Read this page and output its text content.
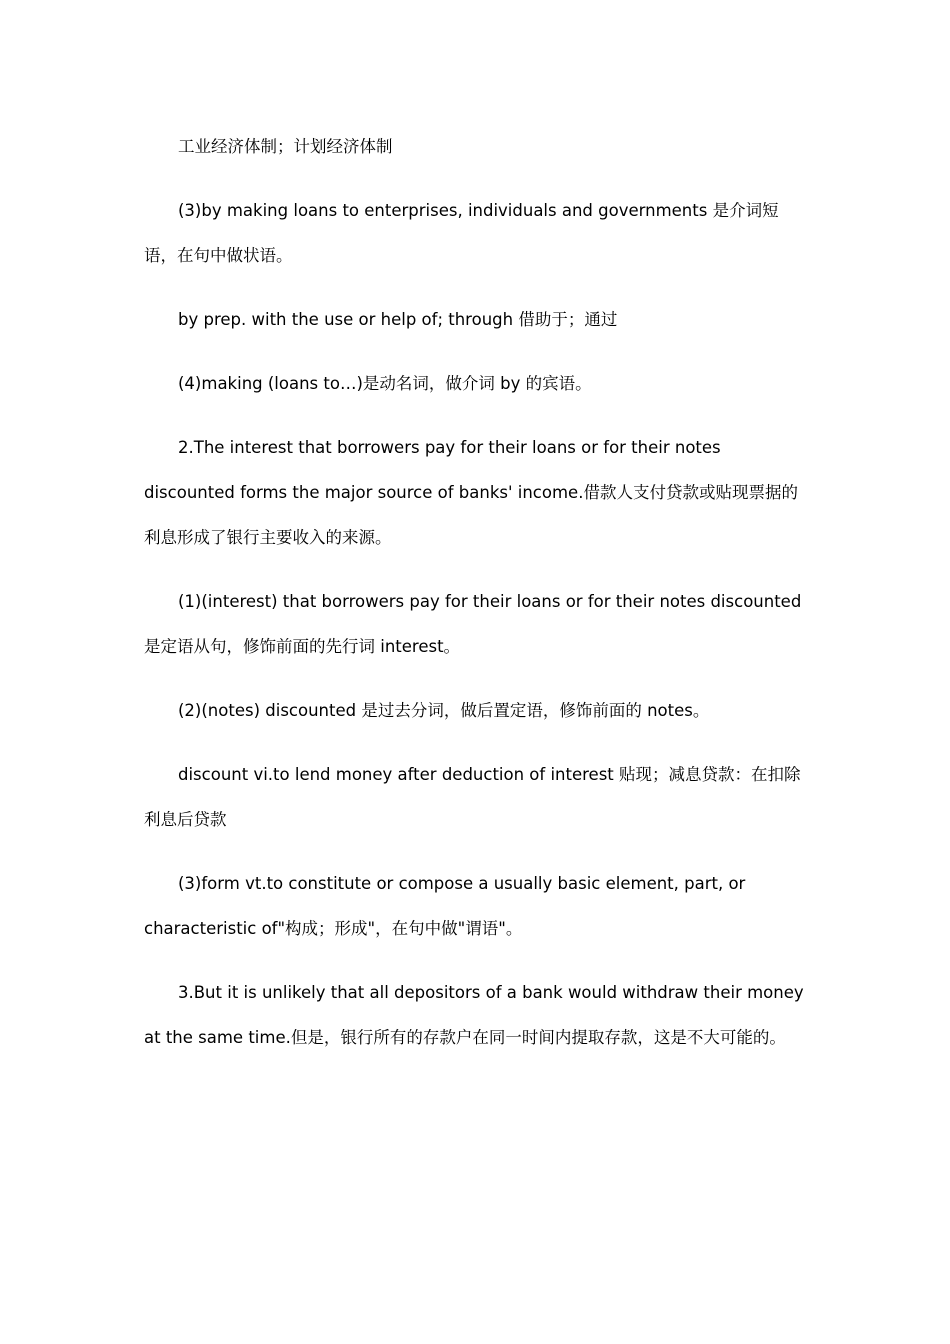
工业经济体制；计划经济体制

(3)by making loans to enterprises, individuals and governments 是介词短语，在句中做状语。

by prep. with the use or help of; through 借助于；通过

(4)making (loans to…)是动名词，做介词 by 的宾语。

2.The interest that borrowers pay for their loans or for their notes discounted forms the major source of banks' income.借款人支付贷款或贴现票据的利息形成了银行主要收入的来源。

(1)(interest) that borrowers pay for their loans or for their notes discounted 是定语从句，修饰前面的先行词 interest。

(2)(notes) discounted 是过去分词，做后置定语，修饰前面的 notes。

discount vi.to lend money after deduction of interest 贴现；减息贷款：在扣除利息后贷款

(3)form vt.to constitute or compose a usually basic element, part, or characteristic of"构成；形成"，在句中做"谓语"。

3.But it is unlikely that all depositors of a bank would withdraw their money at the same time.但是，银行所有的存款户在同一时间内提取存款，这是不大可能的。
